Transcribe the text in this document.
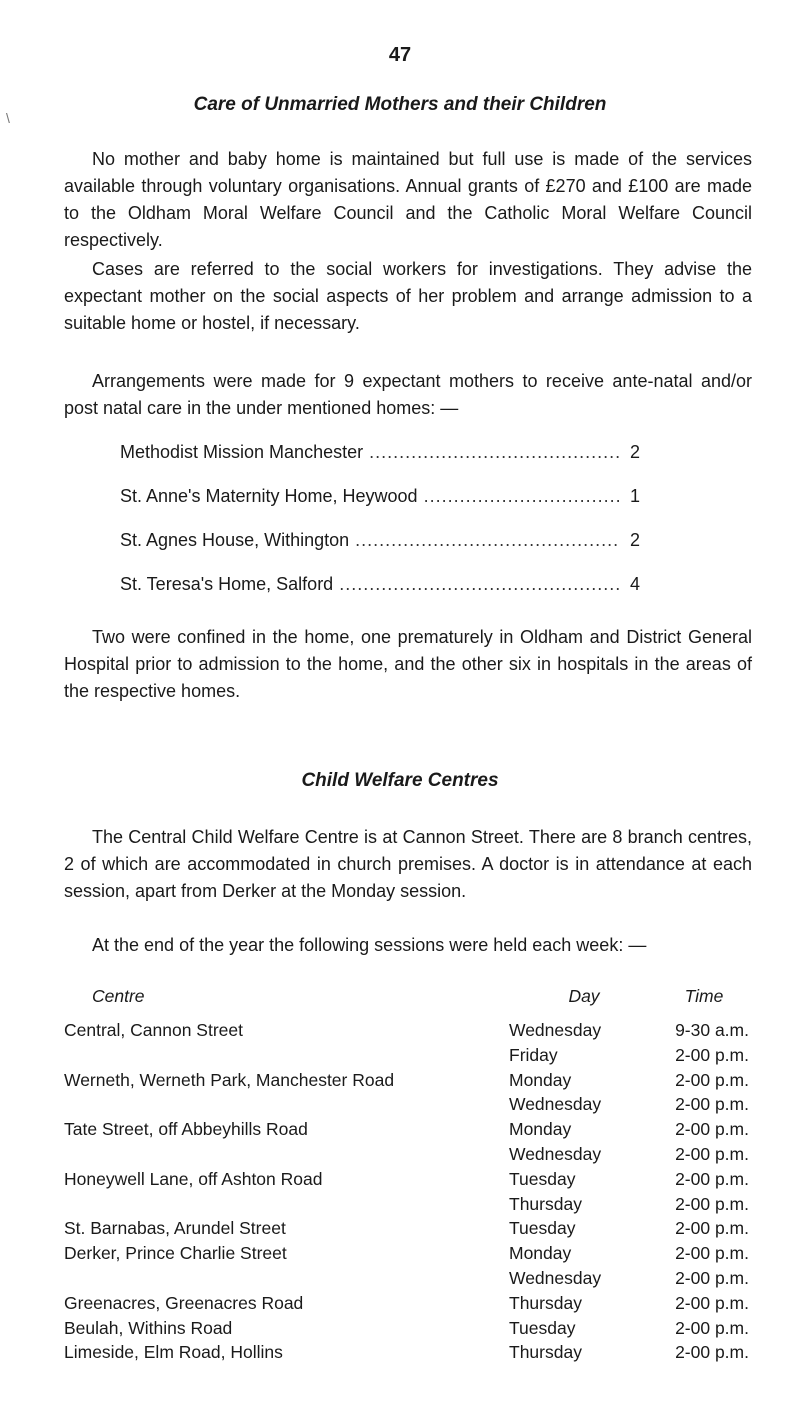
\
47
Care of Unmarried Mothers and their Children

No mother and baby home is maintained but full use is made of the services available through voluntary organisations. Annual grants of £270 and £100 are made to the Oldham Moral Welfare Council and the Catholic Moral Welfare Council respectively.

Cases are referred to the social workers for investigations. They advise the expectant mother on the social aspects of her problem and arrange admission to a suitable home or hostel, if necessary.

Arrangements were made for 9 expectant mothers to receive ante-natal and/or post natal care in the under mentioned homes: —

Methodist Mission Manchester .....	2
St. Anne's Maternity Home, Heywood .....	1
St. Agnes House, Withington .....	2
St. Teresa's Home, Salford .....	4

Two were confined in the home, one prematurely in Oldham and District General Hospital prior to admission to the home, and the other six in hospitals in the areas of the respective homes.

Child Welfare Centres

The Central Child Welfare Centre is at Cannon Street. There are 8 branch centres, 2 of which are accommodated in church premises. A doctor is in attendance at each session, apart from Derker at the Monday session.

At the end of the year the following sessions were held each week: —

Centre	Day	Time
Central, Cannon Street	Wednesday	9-30 a.m.
Friday	2-00 p.m.
Werneth, Werneth Park, Manchester Road	Monday	2-00 p.m.
Wednesday	2-00 p.m.
Tate Street, off Abbeyhills Road	Monday	2-00 p.m.
Wednesday	2-00 p.m.
Honeywell Lane, off Ashton Road	Tuesday	2-00 p.m.
Thursday	2-00 p.m.
St. Barnabas, Arundel Street	Tuesday	2-00 p.m.
Derker, Prince Charlie Street	Monday	2-00 p.m.
Wednesday	2-00 p.m.
Greenacres, Greenacres Road	Thursday	2-00 p.m.
Beulah, Withins Road	Tuesday	2-00 p.m.
Limeside, Elm Road, Hollins	Thursday	2-00 p.m.
